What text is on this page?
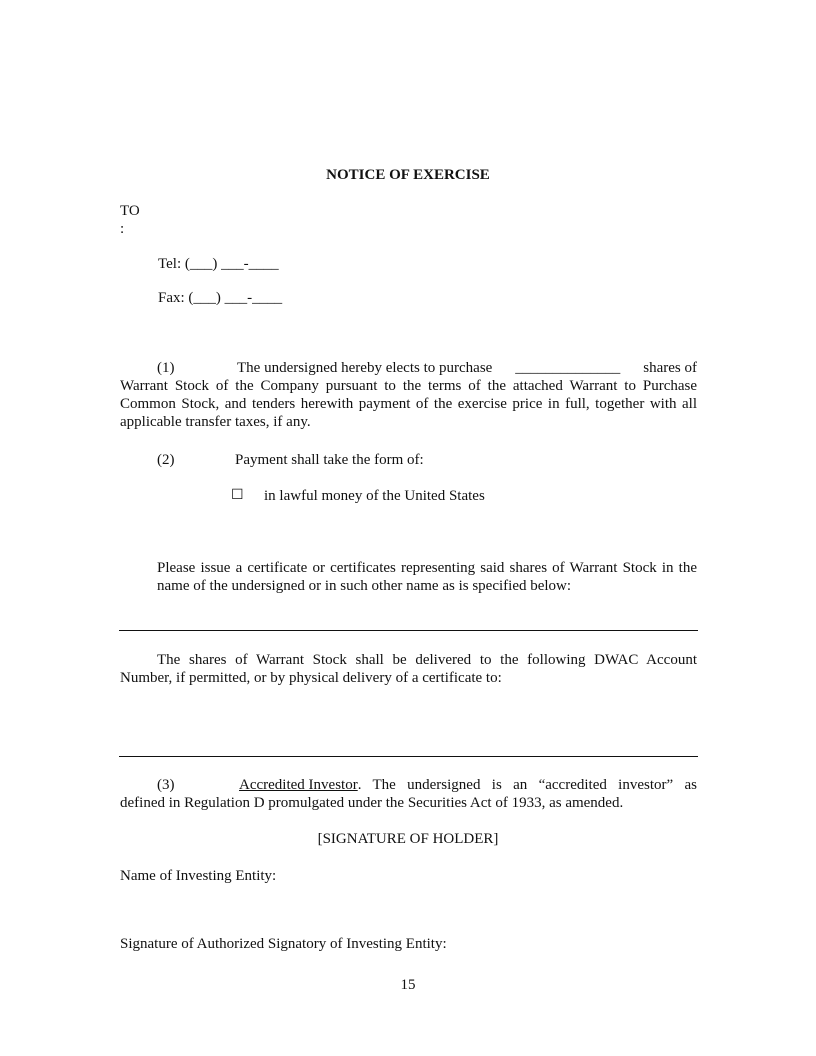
NOTICE OF EXERCISE
TO
:
Tel: (___) ___-____
Fax: (___) ___-____
(1)	The undersigned hereby elects to purchase ______________ shares of
Warrant Stock of the Company pursuant to the terms of the attached Warrant to Purchase Common Stock, and tenders herewith payment of the exercise price in full, together with all applicable transfer taxes, if any.
(2)	Payment shall take the form of:
☐ in lawful money of the United States
Please issue a certificate or certificates representing said shares of Warrant Stock in the name of the undersigned or in such other name as is specified below:
The shares of Warrant Stock shall be delivered to the following DWAC Account
Number, if permitted, or by physical delivery of a certificate to:
(3)	Accredited Investor . The undersigned is an “accredited investor” as
defined in Regulation D promulgated under the Securities Act of 1933, as amended.
[SIGNATURE OF HOLDER]
Name of Investing Entity:
Signature of Authorized Signatory of Investing Entity:
15
